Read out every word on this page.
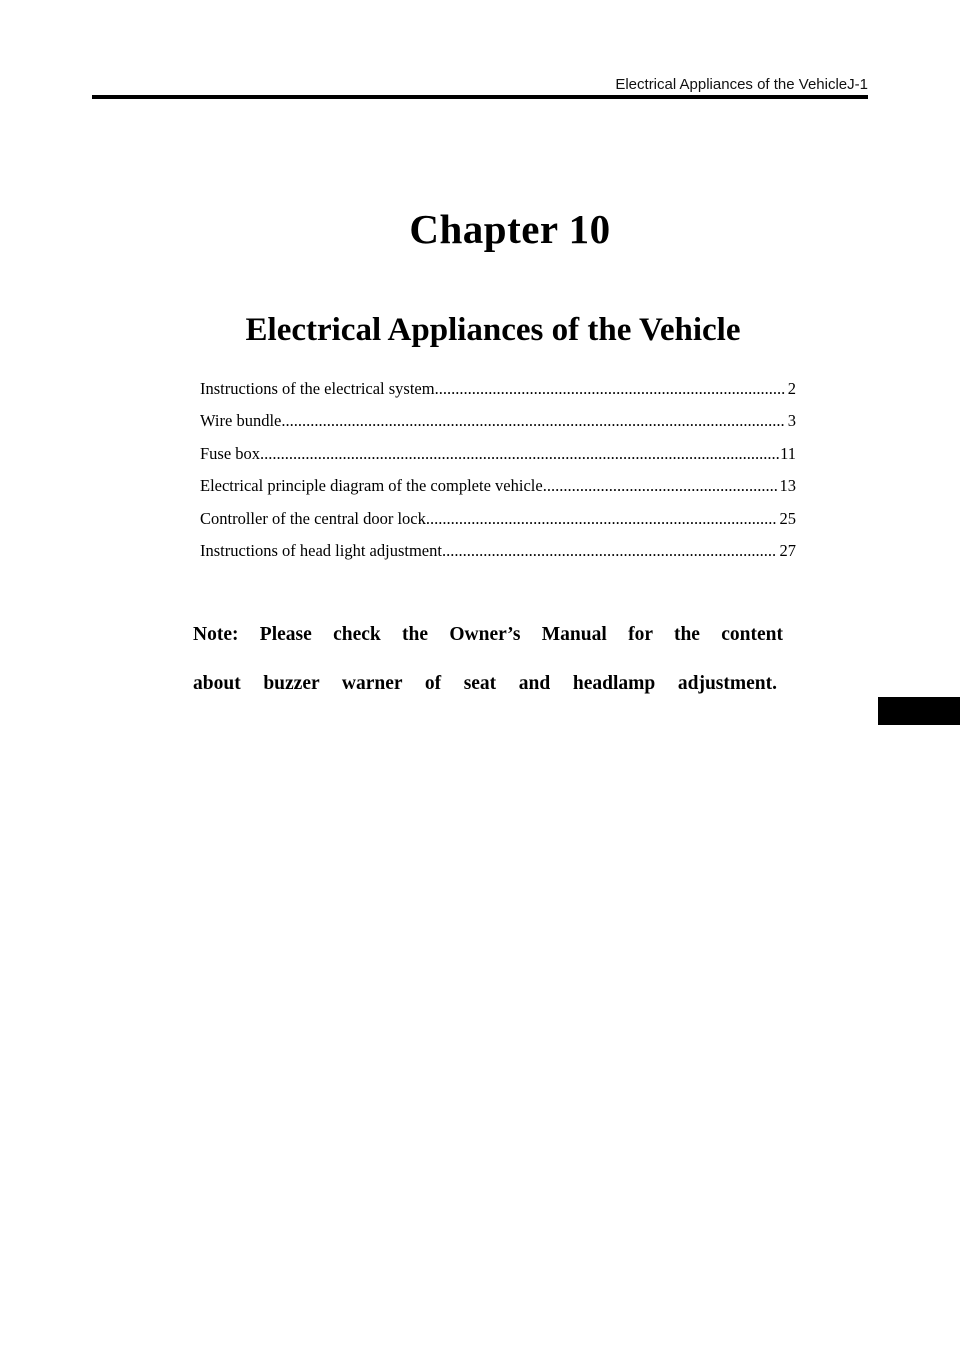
Electrical Appliances of the VehicleJ-1
Chapter 10
Electrical Appliances of the Vehicle
Instructions of the electrical system..................................................................................... 2
Wire bundle.......................................................................................................................... 3
Fuse box..............................................................................................................................11
Electrical principle diagram of the complete vehicle......................................................... 13
Controller of the central door lock..................................................................................... 25
Instructions of head light adjustment................................................................................. 27
Note: Please check the Owner’s Manual for the content
about buzzer warner of seat and headlamp adjustment.
